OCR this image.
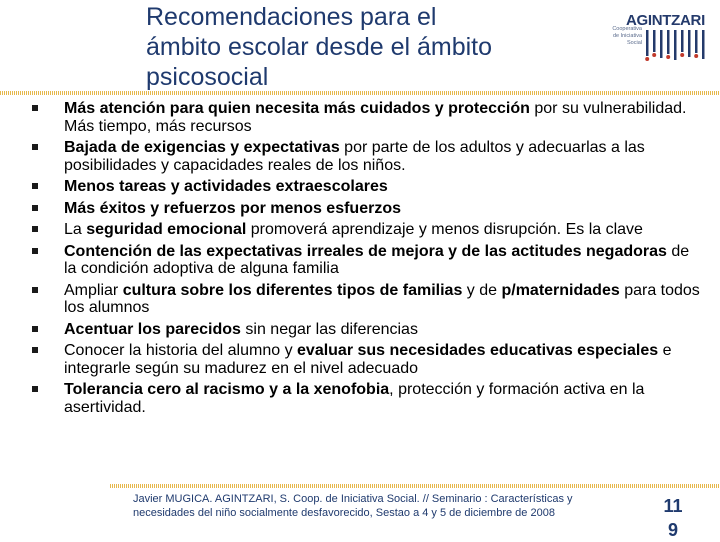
Recomendaciones para el
ámbito escolar desde el ámbito
psicosocial
AGINTZARI
Cooperativa
de Iniciativa
Social
Más atención para quien necesita más cuidados y protección por su vulnerabilidad. Más tiempo, más recursos
Bajada de exigencias y expectativas por parte de los adultos y adecuarlas a las posibilidades y capacidades reales de los niños.
Menos tareas y actividades extraescolares
Más éxitos y refuerzos por menos esfuerzos
La seguridad emocional promoverá aprendizaje y menos disrupción. Es la clave
Contención de las expectativas irreales de mejora y de las actitudes negadoras de la condición adoptiva de alguna familia
Ampliar cultura sobre los diferentes tipos de familias y de p/maternidades para todos los alumnos
Acentuar los parecidos sin negar las diferencias
Conocer la historia del alumno y evaluar sus necesidades educativas especiales e integrarle según su madurez en el nivel adecuado
Tolerancia cero al racismo y a la xenofobia, protección y formación activa en la asertividad.
Javier MUGICA. AGINTZARI, S. Coop. de Iniciativa Social. // Seminario : Características y necesidades del niño socialmente desfavorecido, Sestao a 4 y 5 de diciembre de 2008	11
9
